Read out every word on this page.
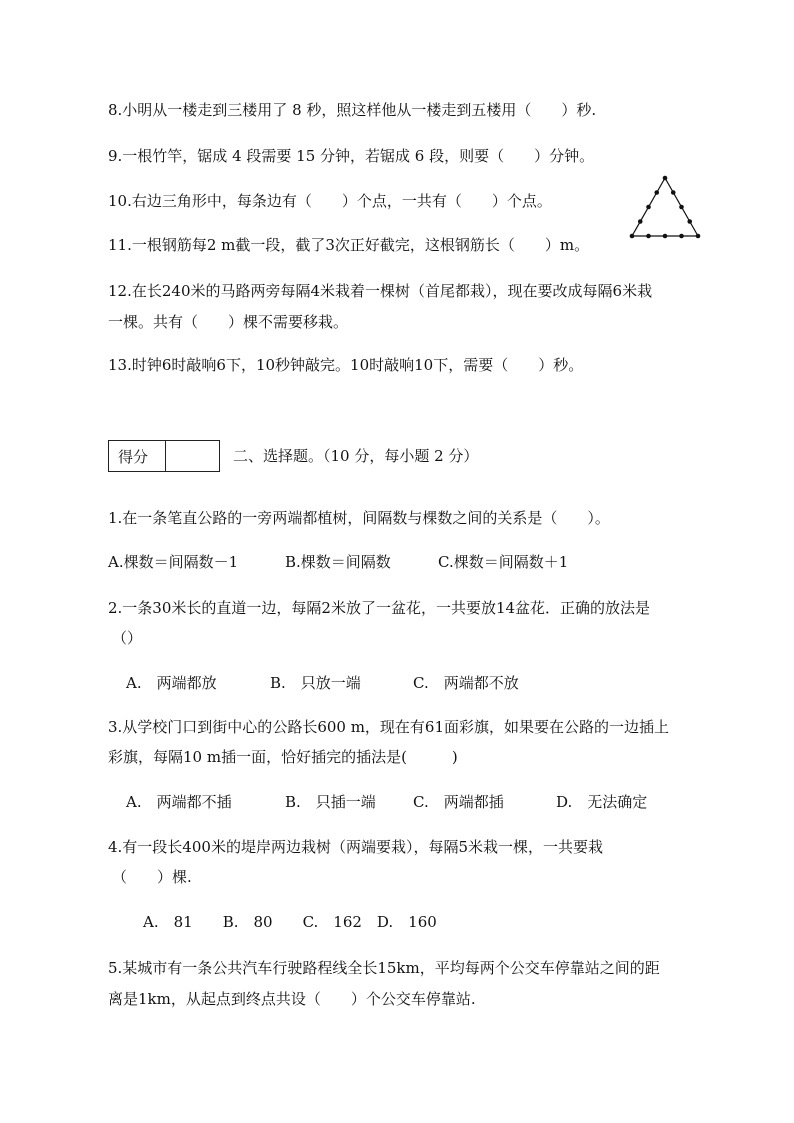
8.小明从一楼走到三楼用了 8 秒，照这样他从一楼走到五楼用（　　）秒.
9.一根竹竿，锯成 4 段需要 15 分钟，若锯成 6 段，则要（　　）分钟。
10.右边三角形中，每条边有（　　）个点，一共有（　　）个点。
11.一根钢筋每2 m截一段，截了3次正好截完，这根钢筋长（　　）m。
12.在长240米的马路两旁每隔4米栽着一棵树（首尾都栽），现在要改成每隔6米栽
一棵。共有（　　）棵不需要移栽。
13.时钟6时敲响6下，10秒钟敲完。10时敲响10下，需要（　　）秒。
得分	二、选择题。（10 分，每小题 2 分）
1.在一条笔直公路的一旁两端都植树，间隔数与棵数之间的关系是（　　）。
A.棵数＝间隔数－1	B.棵数＝间隔数	C.棵数＝间隔数＋1
2.一条30米长的直道一边，每隔2米放了一盆花，一共要放14盆花．正确的放法是
（）
A.　两端都放	B.　只放一端	C.　两端都不放
3.从学校门口到街中心的公路长600 m，现在有61面彩旗，如果要在公路的一边插上
彩旗，每隔10 m插一面，恰好插完的插法是(　　　)
A.　两端都不插	B.　只插一端 C.　两端都插	D.　无法确定
4.有一段长400米的堤岸两边栽树（两端要栽），每隔5米栽一棵，一共要栽
（　　）棵.
A.　81　　B.　80　　C.　162　D.　160
5.某城市有一条公共汽车行驶路程线全长15km，平均每两个公交车停靠站之间的距
离是1km，从起点到终点共设（　　）个公交车停靠站.
